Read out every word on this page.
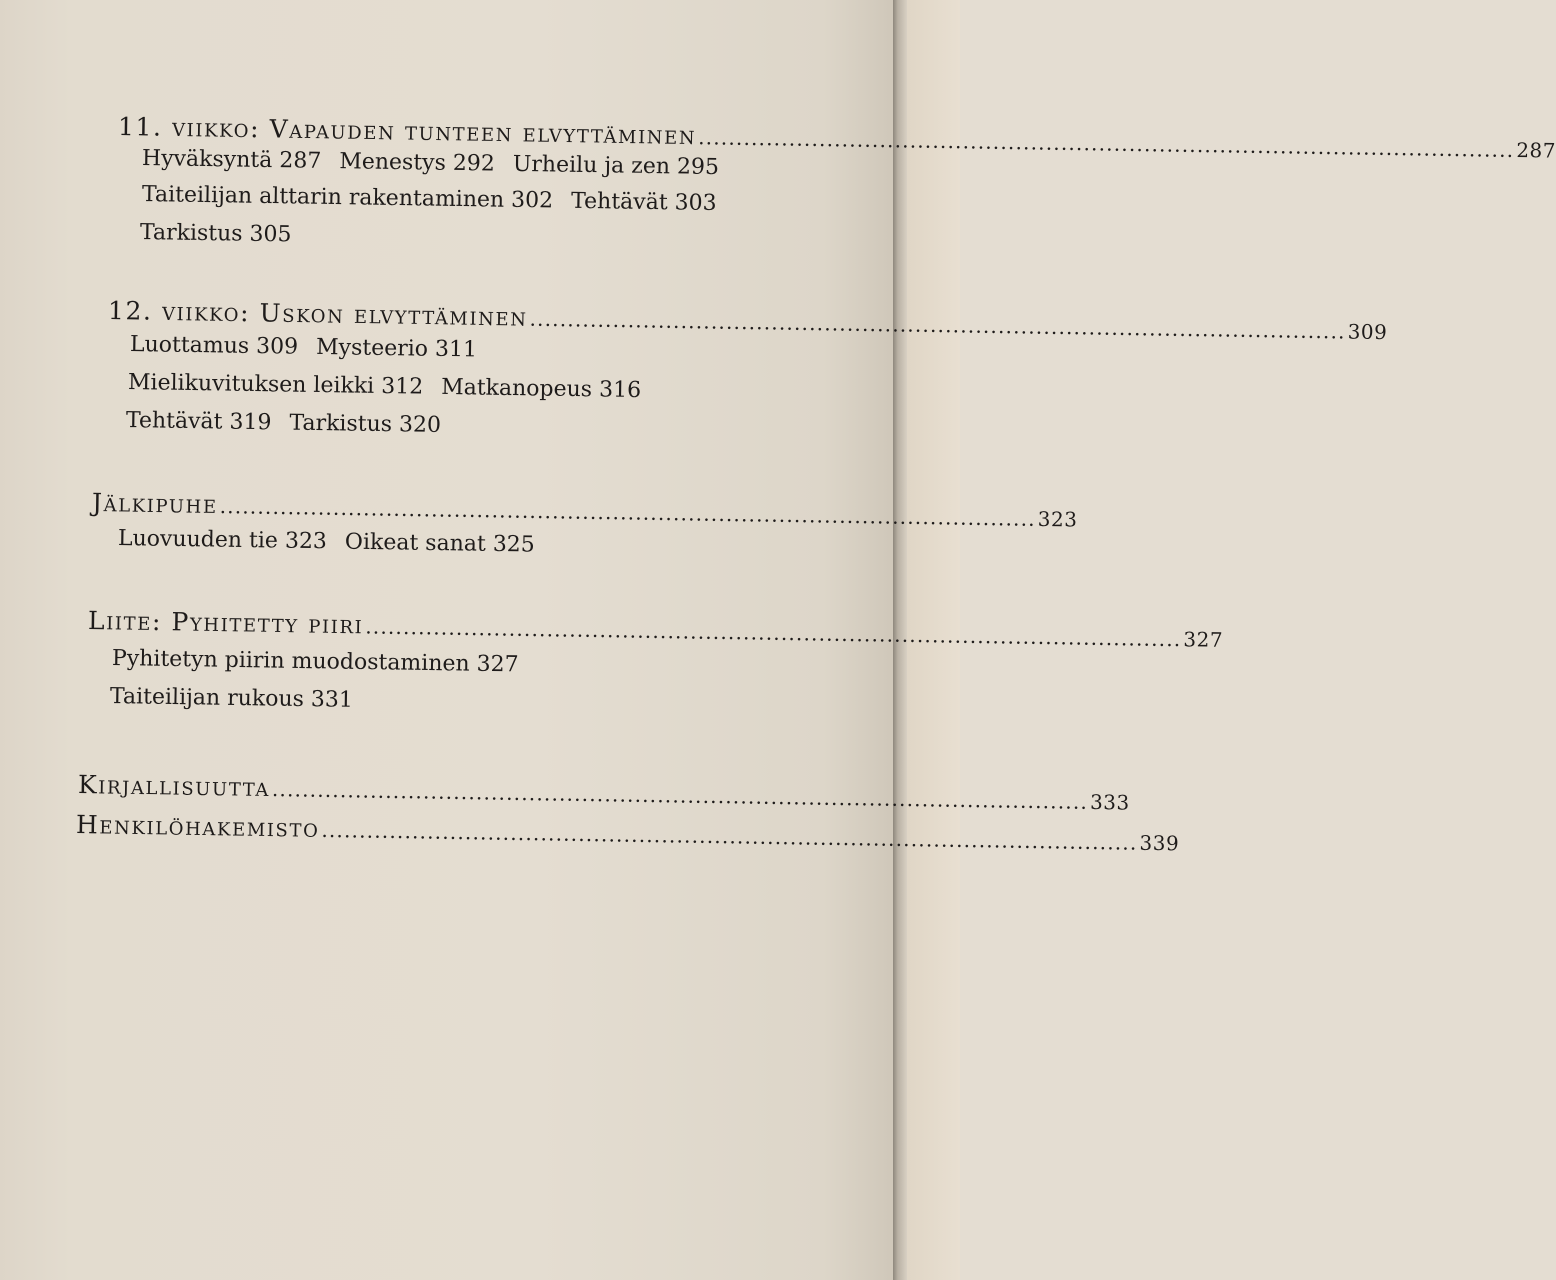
11. viikko: Vapauden tunteen elvyttäminen ............................................................................................................ 287
Hyväksyntä 287 Menestys 292 Urheilu ja zen 295
Taiteilijan alttarin rakentaminen 302 Tehtävät 303
Tarkistus 305
12. viikko: Uskon elvyttäminen ............................................................................................................ 309
Luottamus 309 Mysteerio 311
Mielikuvituksen leikki 312 Matkanopeus 316
Tehtävät 319 Tarkistus 320
Jälkipuhe ............................................................................................................ 323
Luovuuden tie 323 Oikeat sanat 325
Liite: Pyhitetty piiri ............................................................................................................ 327
Pyhitetyn piirin muodostaminen 327
Taiteilijan rukous 331
Kirjallisuutta ............................................................................................................ 333
Henkilöhakemisto ............................................................................................................ 339
